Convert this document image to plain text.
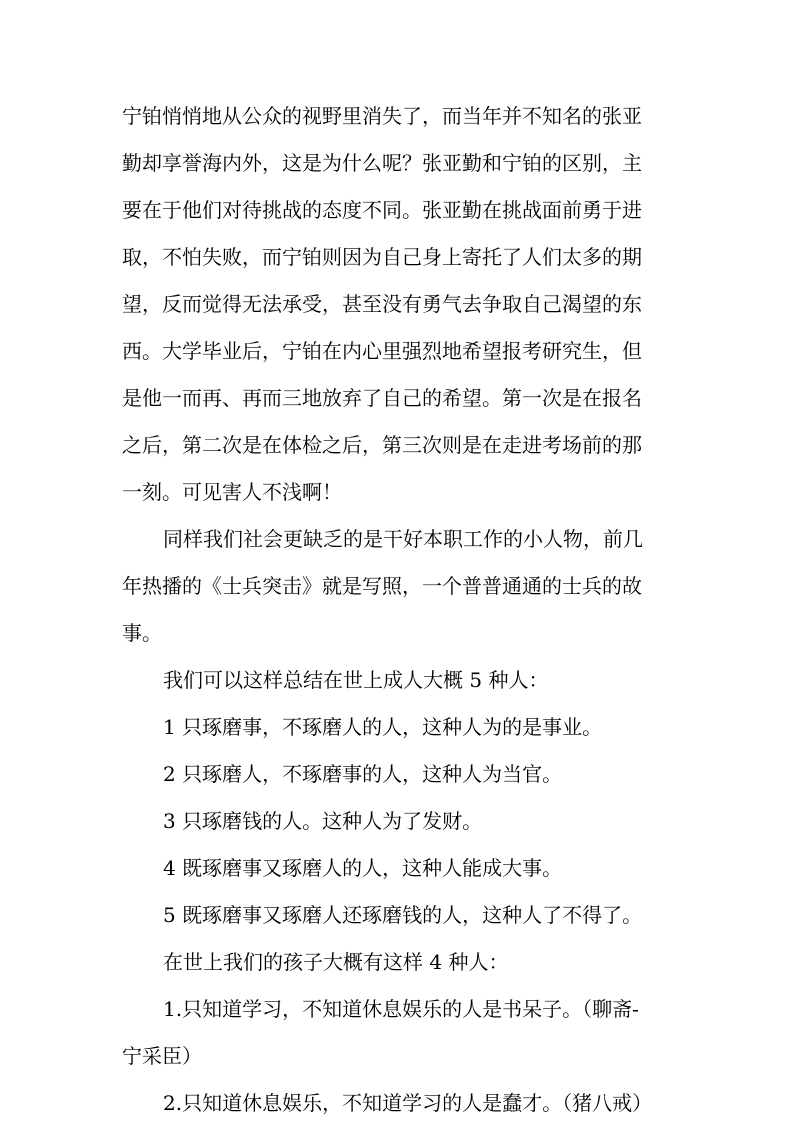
宁铂悄悄地从公众的视野里消失了，而当年并不知名的张亚
勤却享誉海内外，这是为什么呢？张亚勤和宁铂的区别，主
要在于他们对待挑战的态度不同。张亚勤在挑战面前勇于进
取，不怕失败，而宁铂则因为自己身上寄托了人们太多的期
望，反而觉得无法承受，甚至没有勇气去争取自己渴望的东
西。大学毕业后，宁铂在内心里强烈地希望报考研究生，但
是他一而再、再而三地放弃了自己的希望。第一次是在报名
之后，第二次是在体检之后，第三次则是在走进考场前的那
一刻。可见害人不浅啊！
同样我们社会更缺乏的是干好本职工作的小人物，前几
年热播的《士兵突击》就是写照，一个普普通通的士兵的故
事。
我们可以这样总结在世上成人大概 5 种人：
1 只琢磨事，不琢磨人的人，这种人为的是事业。
2 只琢磨人，不琢磨事的人，这种人为当官。
3 只琢磨钱的人。这种人为了发财。
4 既琢磨事又琢磨人的人，这种人能成大事。
5 既琢磨事又琢磨人还琢磨钱的人，这种人了不得了。
在世上我们的孩子大概有这样 4 种人：
1.只知道学习，不知道休息娱乐的人是书呆子。（聊斋-
宁采臣）
2.只知道休息娱乐，不知道学习的人是蠢才。（猪八戒）
